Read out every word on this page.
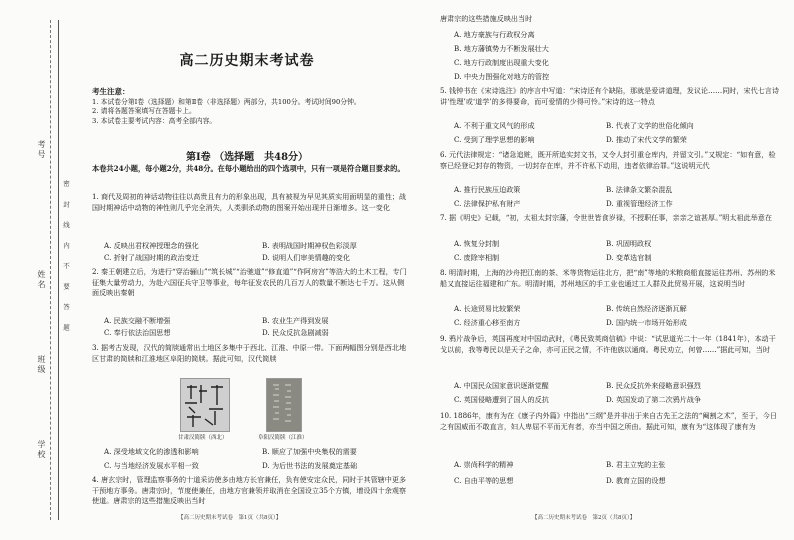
考号
姓名
班级
学校
密 封 线 内 不 要 答 题
高二历史期末考试卷
考生注意：
1. 本试卷分第Ⅰ卷（选择题）和第Ⅱ卷（非选择题）两部分，共100分。考试时间90分钟。
2. 请将各题答案填写在答题卡上。
3. 本试卷主要考试内容：高考全部内容。
第Ⅰ卷 （选择题　共48分）
本卷共24小题，每小题2分，共48分。在每小题给出的四个选项中，只有一项是符合题目要求的。
1. 商代及周初的神话动物往往以高贵且有力的形象出现，具有被视为早见其质实用面明显的重性；战国时期神话中动物的神性则几乎完全消失，人类驯杀动物的图案开始出现并日渐增多。这一变化
A. 反映出君权神授理念的强化	B. 表明战国时期神权色彩淡厚
C. 折射了战国时期的政治变迁	D. 说明人们审美情趣的变化
2. 秦王朝建立后，为进行“穿治骊山”“筑长城”“治驰道”“修直道”“作阿房宫”等浩大的土木工程，专门征集大量劳动力，为赴六国征兵守卫等事业，每年征发农民的几百万人的数量不断达七千万。这从侧面反映出秦朝
A. 民族交融不断增强	B. 农业生产得到发展
C. 奉行依法治国思想	D. 民众反抗急剧减弱
3. 据考古发现，汉代的简牍通常出土地区多集中于西北、江淮、中原一带。下面两幅图分别是西北地区甘肃的简牍和江淮地区阜阳的简牍。据此可知，汉代简牍
甘肃汉简牍（西北）	阜阳汉简牍（江淮）
A. 深受地域文化的渗透和影响	B. 顺应了加强中央集权的需要
C. 与当地经济发展水平相一致	D. 为后世书法的发展奠定基础
4. 唐玄宗时，管理监察事务的十道采访使多由地方长官兼任，负有使安定众民，同时于其管辖中更多干预地方事务。唐肃宗时，节度使兼任，由地方官兼领并取消在全国设立35个方镇，增设四十余观察使道。唐肃宗的这些措施反映出当时
【高二历史期末考试卷　第1页（共8页）】
唐肃宗的这些措施反映出当时
A. 地方豪族与行政权分离
B. 地方藩镇势力不断发展壮大
C. 地方行政制度出现重大变化
D. 中央力图强化对地方的管控
5. 钱钟书在《宋诗选注》的序言中写道：“宋诗还有个缺陷，那就是爱讲道理，发议论……同时，宋代七言诗讲‘性理’或‘道学’的多得要命，而可爱情的少得可怜。”宋诗的这一特点
A. 不利于重文风气的形成	B. 代表了文学的世俗化倾向
C. 受到了理学思想的影响	D. 推动了宋代文学的繁荣
6. 元代法律规定：“诸急追赃，既开所追实封文书，又令人封引重仓库内，并留文引。”又规定：“如有意，检察已经登记封存的物资，一切封存在库，并不许私下动用，违者依律治罪。”这说明元代
A. 推行民族压迫政策	B. 法律条文繁杂混乱
C. 法律保护私有财产	D. 重视管理经济工作
7. 据《明史》记载，“初，太祖太封宗藩，令世世皆食岁禄，不授职任事，亲亲之谊甚厚。”明太祖此举意在
A. 恢复分封制	B. 巩固明政权
C. 废除宰相制	D. 变革选官制
8. 明清时期，上海的沙舟把江南的茶、米等货物运往北方，把“南”等地的米粮商船直接运往苏州、苏州的米船又直接运往福建和广东。明清时期，苏州地区的手工业也通过工人群及此贸易开展，这说明当时
A. 长途贸易比较繁荣	B. 传统自然经济逐渐瓦解
C. 经济重心移至南方	D. 国内统一市场开始形成
9. 鸦片战争后，英国再度对中国动武时，《粤民致英商信稿》中说：“试思道光二十一年（1841年），本动干戈以前，我等粤民以是天子之命，亦可正民之情，不许他族以通商。粤民劝立，何曾……”据此可知，当时
A. 中国民众国家意识逐渐觉醒	B. 民众反抗外来侵略意识强烈
C. 英国侵略遭到了国人的反抗	D. 英国发动了第二次鸦片战争
10. 1886年，康有为在《康子内外篇》中指出“三纲”是并非出于来自古先王之法的“阉割之术”，至于，今日之有国威而不敢直言，妇人卑屈不平而无有者，亦当中国之所由。据此可知，康有为“这体现了康有为
A. 崇尚科学的精神	B. 君主立宪的主张
C. 自由平等的思想	D. 教育立国的设想
【高二历史期末考试卷　第2页（共8页）】
